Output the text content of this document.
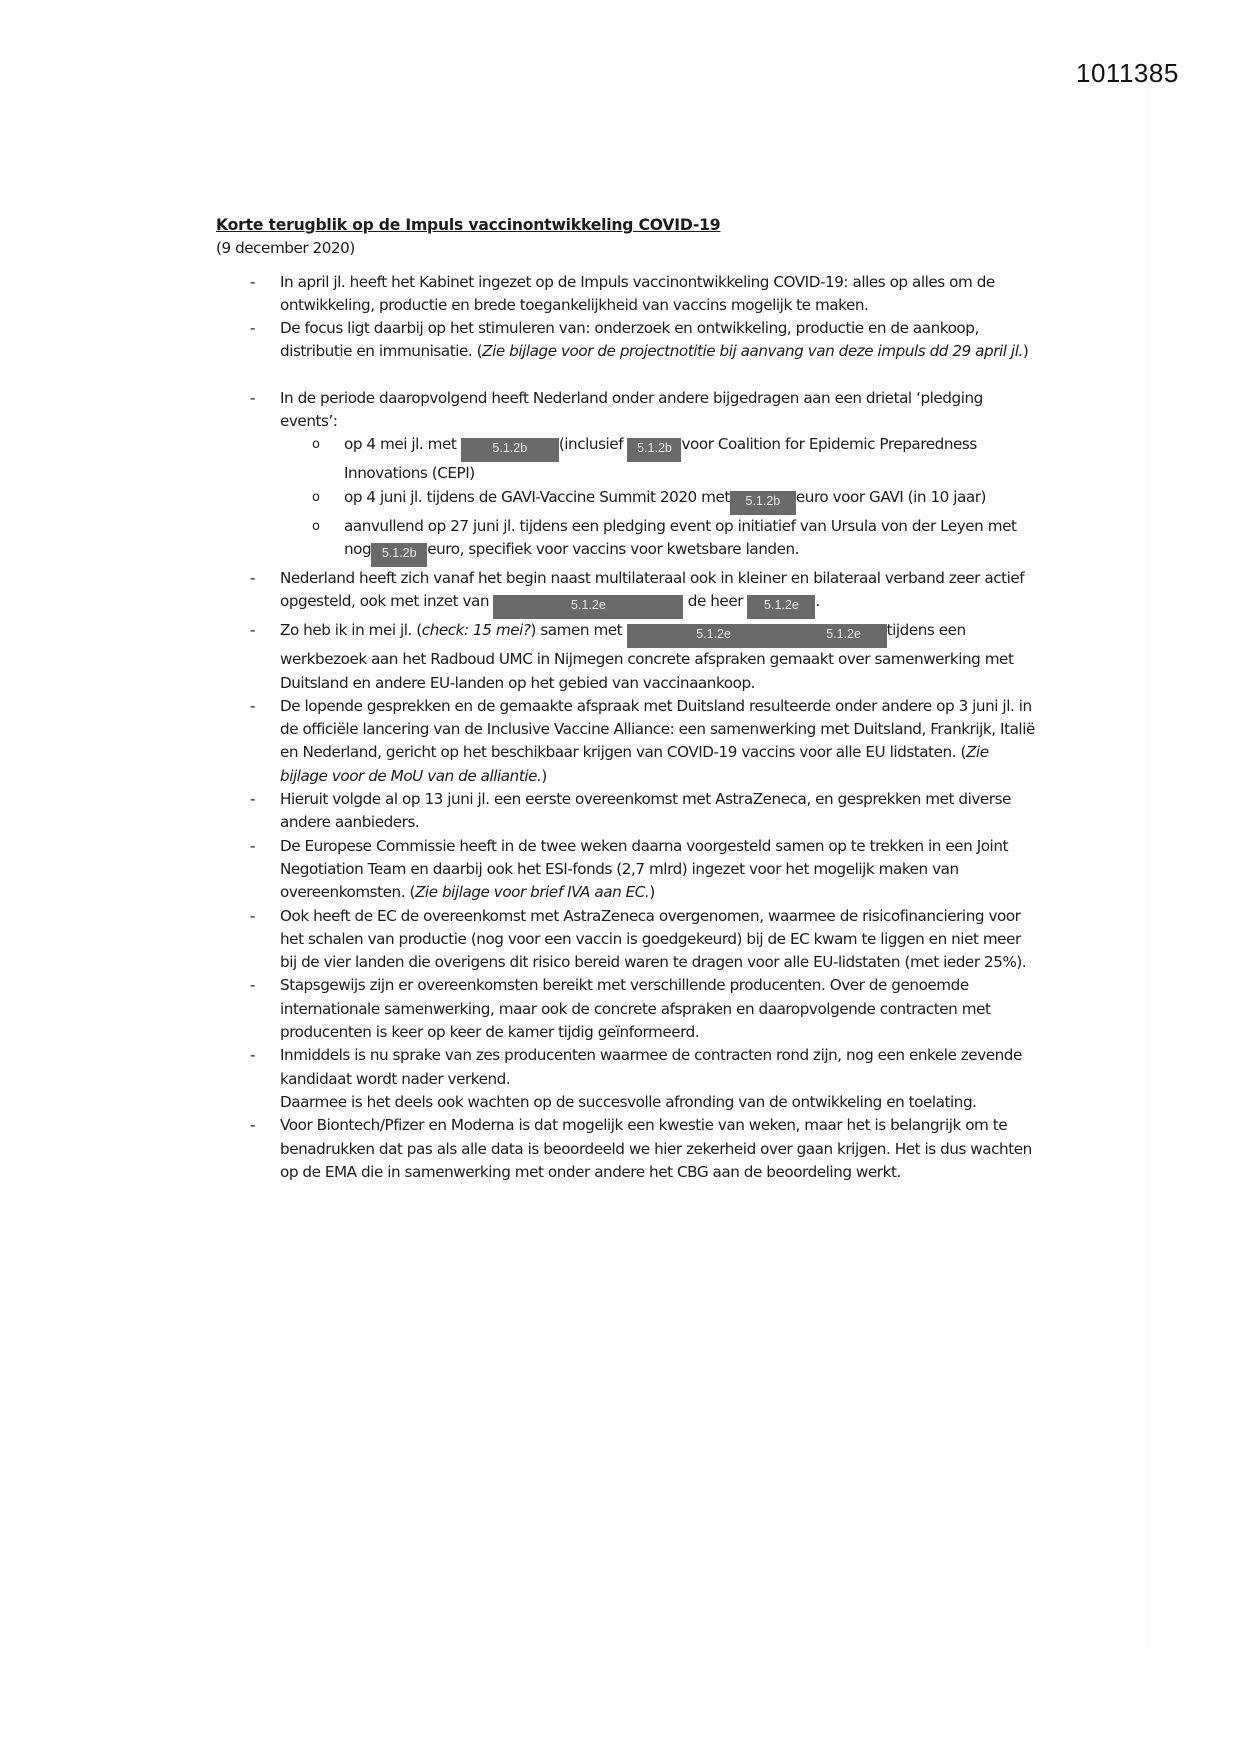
1011385
Korte terugblik op de Impuls vaccinontwikkeling COVID-19
(9 december 2020)
- In april jl. heeft het Kabinet ingezet op de Impuls vaccinontwikkeling COVID-19: alles op alles om de ontwikkeling, productie en brede toegankelijkheid van vaccins mogelijk te maken.
- De focus ligt daarbij op het stimuleren van: onderzoek en ontwikkeling, productie en de aankoop, distributie en immunisatie. (Zie bijlage voor de projectnotitie bij aanvang van deze impuls dd 29 april jl.)
- In de periode daaropvolgend heeft Nederland onder andere bijgedragen aan een drietal ‘pledging events’:
o op 4 mei jl. met	5.1.2b (inclusief 5.1.2b voor Coalition for Epidemic Preparedness Innovations (CEPI)
o op 4 juni jl. tijdens de GAVI-Vaccine Summit 2020 met 5.1.2b euro voor GAVI (in 10 jaar)
o aanvullend op 27 juni jl. tijdens een pledging event op initiatief van Ursula von der Leyen met nog 5.1.2b euro, specifiek voor vaccins voor kwetsbare landen.
- Nederland heeft zich vanaf het begin naast multilateraal ook in kleiner en bilateraal verband zeer actief opgesteld, ook met inzet van	5.1.2e	de heer 5.1.2e .
- Zo heb ik in mei jl. (check: 15 mei?) samen met	5.1.2e	5.1.2e tijdens een werkbezoek aan het Radboud UMC in Nijmegen concrete afspraken gemaakt over samenwerking met Duitsland en andere EU-landen op het gebied van vaccinaankoop.
- De lopende gesprekken en de gemaakte afspraak met Duitsland resulteerde onder andere op 3 juni jl. in de officiële lancering van de Inclusive Vaccine Alliance: een samenwerking met Duitsland, Frankrijk, Italië en Nederland, gericht op het beschikbaar krijgen van COVID-19 vaccins voor alle EU lidstaten. (Zie bijlage voor de MoU van de alliantie.)
- Hieruit volgde al op 13 juni jl. een eerste overeenkomst met AstraZeneca, en gesprekken met diverse andere aanbieders.
- De Europese Commissie heeft in de twee weken daarna voorgesteld samen op te trekken in een Joint Negotiation Team en daarbij ook het ESI-fonds (2,7 mlrd) ingezet voor het mogelijk maken van overeenkomsten. (Zie bijlage voor brief IVA aan EC.)
- Ook heeft de EC de overeenkomst met AstraZeneca overgenomen, waarmee de risicofinanciering voor het schalen van productie (nog voor een vaccin is goedgekeurd) bij de EC kwam te liggen en niet meer bij de vier landen die overigens dit risico bereid waren te dragen voor alle EU-lidstaten (met ieder 25%).
- Stapsgewijs zijn er overeenkomsten bereikt met verschillende producenten. Over de genoemde internationale samenwerking, maar ook de concrete afspraken en daaropvolgende contracten met producenten is keer op keer de kamer tijdig geïnformeerd.
- Inmiddels is nu sprake van zes producenten waarmee de contracten rond zijn, nog een enkele zevende kandidaat wordt nader verkend.
Daarmee is het deels ook wachten op de succesvolle afronding van de ontwikkeling en toelating.
- Voor Biontech/Pfizer en Moderna is dat mogelijk een kwestie van weken, maar het is belangrijk om te benadrukken dat pas als alle data is beoordeeld we hier zekerheid over gaan krijgen. Het is dus wachten op de EMA die in samenwerking met onder andere het CBG aan de beoordeling werkt.
